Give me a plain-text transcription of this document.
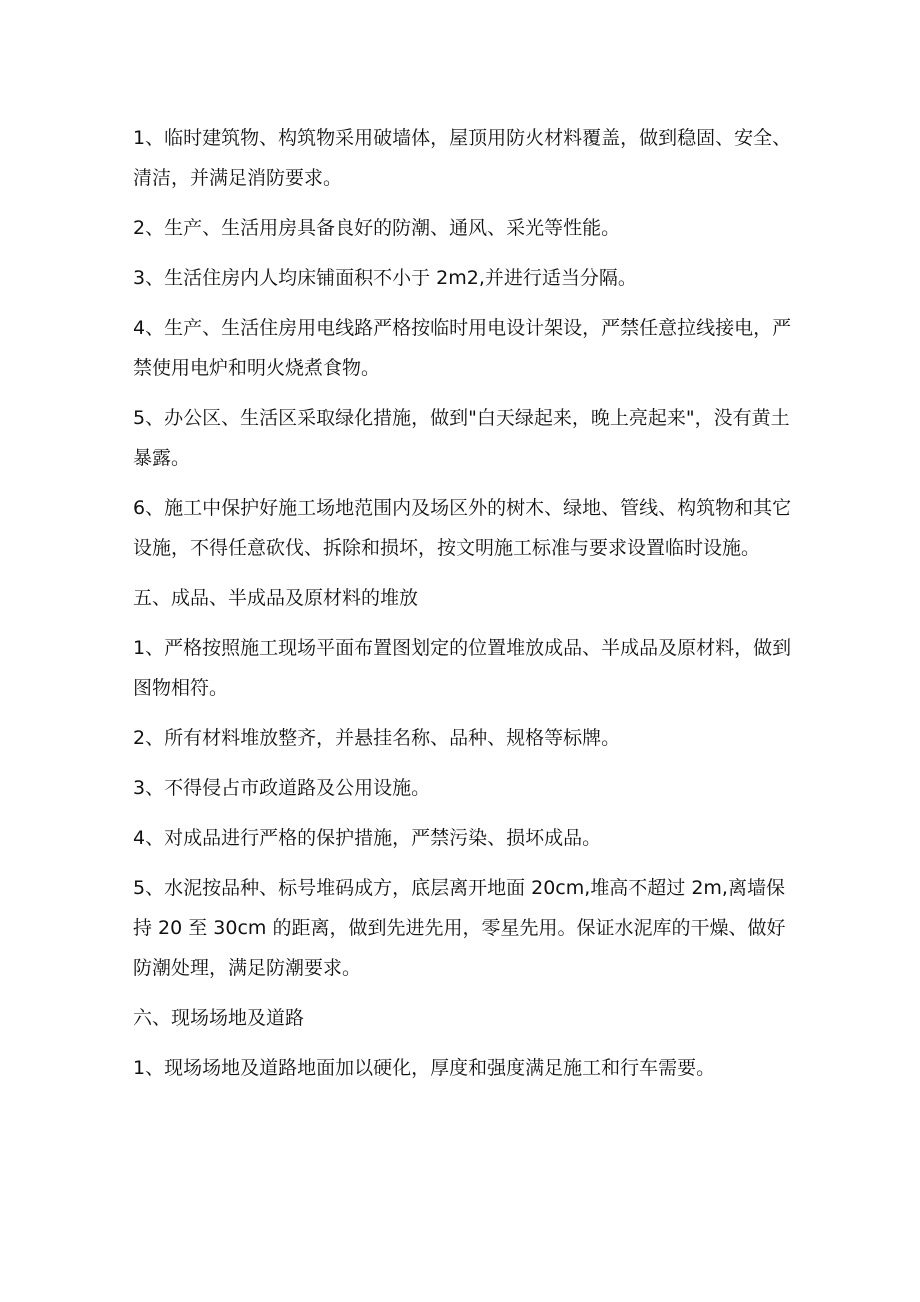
1、临时建筑物、构筑物采用破墙体，屋顶用防火材料覆盖，做到稳固、安全、清洁，并满足消防要求。

2、生产、生活用房具备良好的防潮、通风、采光等性能。

3、生活住房内人均床铺面积不小于 2m2,并进行适当分隔。

4、生产、生活住房用电线路严格按临时用电设计架设，严禁任意拉线接电，严禁使用电炉和明火烧煮食物。

5、办公区、生活区采取绿化措施，做到"白天绿起来，晚上亮起来"，没有黄土暴露。

6、施工中保护好施工场地范围内及场区外的树木、绿地、管线、构筑物和其它设施，不得任意砍伐、拆除和损坏，按文明施工标准与要求设置临时设施。

五、成品、半成品及原材料的堆放

1、严格按照施工现场平面布置图划定的位置堆放成品、半成品及原材料，做到图物相符。

2、所有材料堆放整齐，并悬挂名称、品种、规格等标牌。

3、不得侵占市政道路及公用设施。

4、对成品进行严格的保护措施，严禁污染、损坏成品。

5、水泥按品种、标号堆码成方，底层离开地面 20cm,堆高不超过 2m,离墙保持 20 至 30cm 的距离，做到先进先用，零星先用。保证水泥库的干燥、做好防潮处理，满足防潮要求。

六、现场场地及道路

1、现场场地及道路地面加以硬化，厚度和强度满足施工和行车需要。
